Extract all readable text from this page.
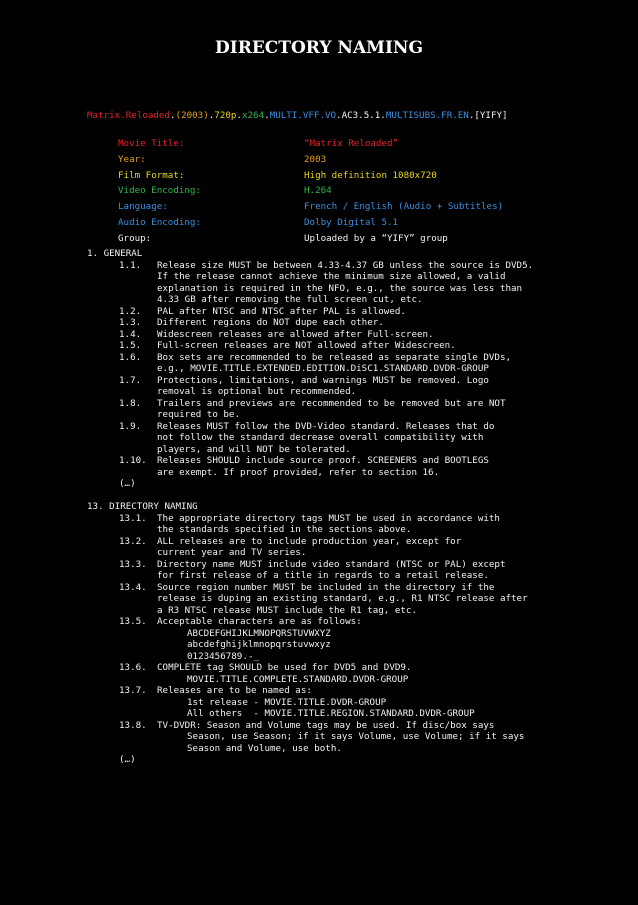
DIRECTORY NAMING
Matrix.Reloaded.(2003).720p.x264.MULTI.VFF.VO.AC3.5.1.MULTISUBS.FR.EN.[YIFY]
Movie Title:	“Matrix Reloaded”
Year:	2003
Film Format:	High definition 1080x720
Video Encoding:	H.264
Language:	French / English (Audio + Subtitles)
Audio Encoding:	Dolby Digital 5.1
Group:	Uploaded by a “YIFY” group
1. GENERAL
1.1. Release size MUST be between 4.33-4.37 GB unless the source is DVD5.
If the release cannot achieve the minimum size allowed, a valid
explanation is required in the NFO, e.g., the source was less than
4.33 GB after removing the full screen cut, etc.
1.2. PAL after NTSC and NTSC after PAL is allowed.
1.3. Different regions do NOT dupe each other.
1.4. Widescreen releases are allowed after Full-screen.
1.5. Full-screen releases are NOT allowed after Widescreen.
1.6. Box sets are recommended to be released as separate single DVDs,
e.g., MOVIE.TITLE.EXTENDED.EDITION.DiSC1.STANDARD.DVDR-GROUP
1.7. Protections, limitations, and warnings MUST be removed. Logo
removal is optional but recommended.
1.8. Trailers and previews are recommended to be removed but are NOT
required to be.
1.9. Releases MUST follow the DVD-Video standard. Releases that do
not follow the standard decrease overall compatibility with
players, and will NOT be tolerated.
1.10. Releases SHOULD include source proof. SCREENERS and BOOTLEGS
are exempt. If proof provided, refer to section 16.
(…)
13. DIRECTORY NAMING
13.1. The appropriate directory tags MUST be used in accordance with
the standards specified in the sections above.
13.2. ALL releases are to include production year, except for
current year and TV series.
13.3. Directory name MUST include video standard (NTSC or PAL) except
for first release of a title in regards to a retail release.
13.4. Source region number MUST be included in the directory if the
release is duping an existing standard, e.g., R1 NTSC release after
a R3 NTSC release MUST include the R1 tag, etc.
13.5. Acceptable characters are as follows:
ABCDEFGHIJKLMNOPQRSTUVWXYZ
abcdefghijklmnopqrstuvwxyz
0123456789.-_
13.6. COMPLETE tag SHOULD be used for DVD5 and DVD9.
MOVIE.TITLE.COMPLETE.STANDARD.DVDR-GROUP
13.7. Releases are to be named as:
1st release - MOVIE.TITLE.DVDR-GROUP
All others  - MOVIE.TITLE.REGION.STANDARD.DVDR-GROUP
13.8. TV-DVDR: Season and Volume tags may be used. If disc/box says
Season, use Season; if it says Volume, use Volume; if it says
Season and Volume, use both.
(…)
